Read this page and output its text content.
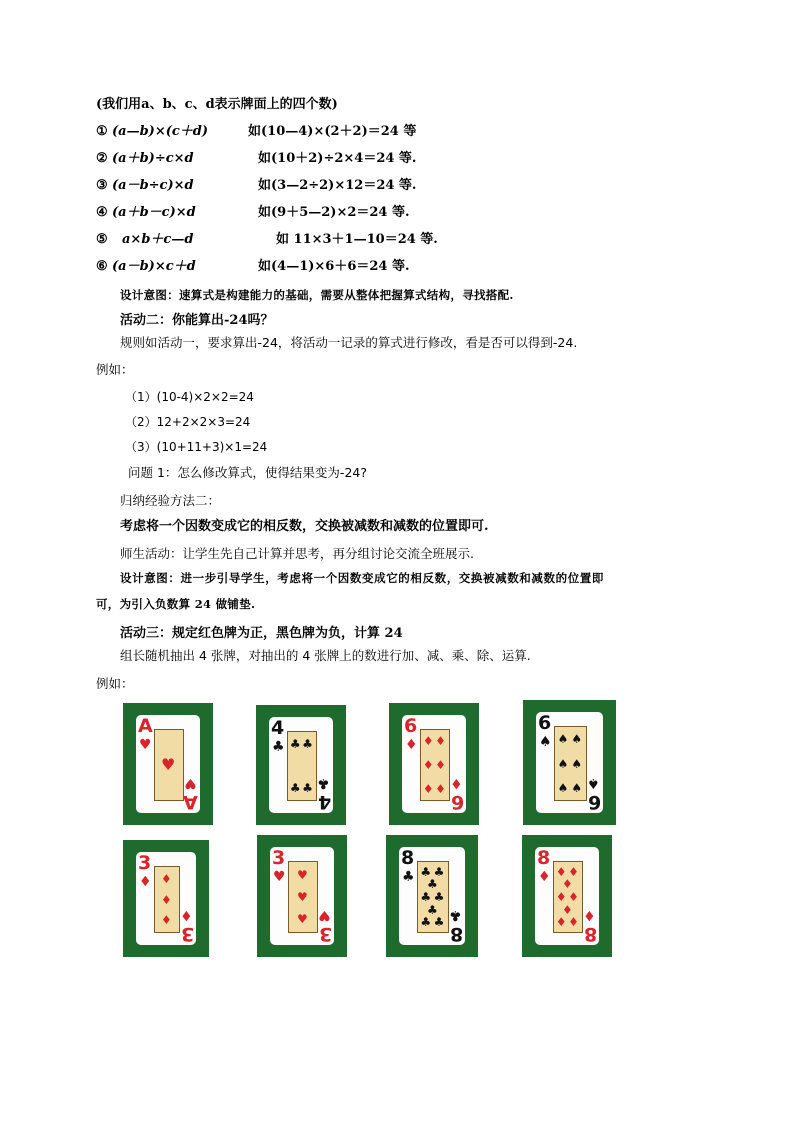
(我们用a、b、c、d表示牌面上的四个数)
① (a—b)×(c＋d)	如(10—4)×(2＋2)＝24 等
② (a＋b)÷c×d	如(10＋2)÷2×4＝24 等.
③ (a－b÷c)×d	如(3—2÷2)×12＝24 等.
④ (a＋b－c)×d	如(9＋5—2)×2＝24 等.
⑤ a×b＋c—d	如 11×3＋1—10＝24 等.
⑥ (a－b)×c＋d	如(4—1)×6＋6＝24 等.
设计意图：速算式是构建能力的基础，需要从整体把握算式结构，寻找搭配.
活动二：你能算出-24吗？
规则如活动一，要求算出-24，将活动一记录的算式进行修改，看是否可以得到-24.
例如：
（1）(10-4)×2×2=24
（2）12+2×2×3=24
（3）(10+11+3)×1=24
问题 1：怎么修改算式，使得结果变为-24?
归纳经验方法二：
考虑将一个因数变成它的相反数，交换被减数和减数的位置即可.
师生活动：让学生先自己计算并思考，再分组讨论交流全班展示.
设计意图：进一步引导学生，考虑将一个因数变成它的相反数，交换被减数和减数的位置即
可，为引入负数算 24 做铺垫.
活动三：规定红色牌为正，黑色牌为负，计算 24
组长随机抽出 4 张牌，对抽出的 4 张牌上的数进行加、减、乘、除、运算.
例如：
♥
A
♥
A
♥
♣ ♣
♣ ♣
4
♣
4
♣
♦ ♦
♦ ♦
♦ ♦
6
♦
6
♦
♠ ♠
♠ ♠
♠ ♠
6
♠
6
♠
♦
♦
♦
3
♦
3
♦
♥
♥
♥
3
♥
3
♥
♣ ♣
♣
♣ ♣
♣
♣ ♣
8
♣
8
♣
♦ ♦
♦
♦ ♦
♦
♦ ♦
8
♦
8
♦
